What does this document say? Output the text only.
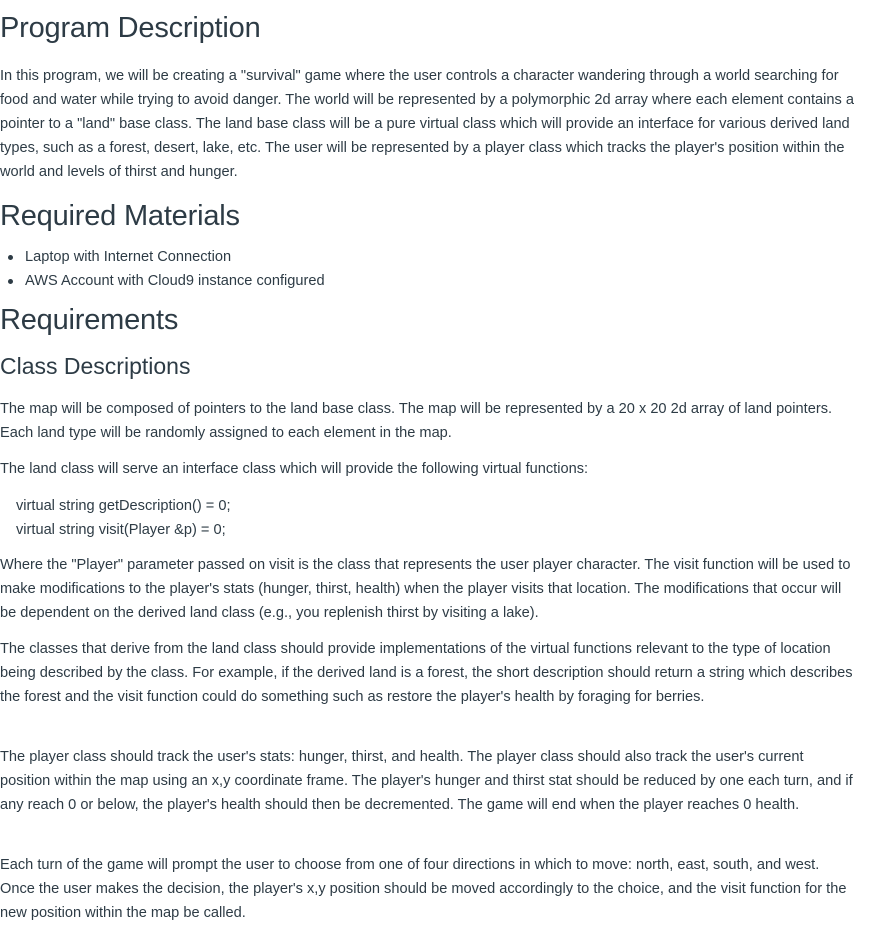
Program Description

In this program, we will be creating a "survival" game where the user controls a character wandering through a world searching for food and water while trying to avoid danger. The world will be represented by a polymorphic 2d array where each element contains a pointer to a "land" base class. The land base class will be a pure virtual class which will provide an interface for various derived land types, such as a forest, desert, lake, etc. The user will be represented by a player class which tracks the player's position within the world and levels of thirst and hunger.

Required Materials
Laptop with Internet Connection
AWS Account with Cloud9 instance configured
Requirements
Class Descriptions

The map will be composed of pointers to the land base class. The map will be represented by a 20 x 20 2d array of land pointers. Each land type will be randomly assigned to each element in the map.

The land class will serve an interface class which will provide the following virtual functions:

virtual string getDescription() = 0;
virtual string visit(Player &p) = 0;

Where the "Player" parameter passed on visit is the class that represents the user player character. The visit function will be used to make modifications to the player's stats (hunger, thirst, health) when the player visits that location. The modifications that occur will be dependent on the derived land class (e.g., you replenish thirst by visiting a lake).

The classes that derive from the land class should provide implementations of the virtual functions relevant to the type of location being described by the class. For example, if the derived land is a forest, the short description should return a string which describes the forest and the visit function could do something such as restore the player's health by foraging for berries.

The player class should track the user's stats: hunger, thirst, and health. The player class should also track the user's current position within the map using an x,y coordinate frame. The player's hunger and thirst stat should be reduced by one each turn, and if any reach 0 or below, the player's health should then be decremented. The game will end when the player reaches 0 health.

Each turn of the game will prompt the user to choose from one of four directions in which to move: north, east, south, and west. Once the user makes the decision, the player's x,y position should be moved accordingly to the choice, and the visit function for the new position within the map be called.
